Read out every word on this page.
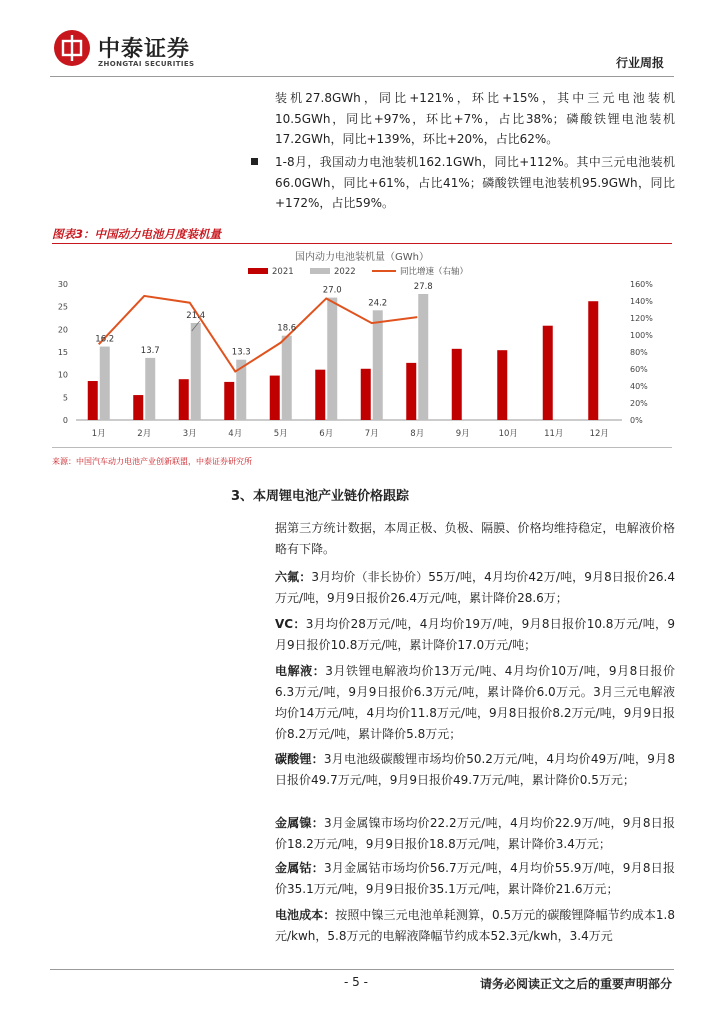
中泰证券
ZHONGTAI SECURITIES	行业周报
装机27.8GWh，同比+121%，环比+15%，其中三元电池装机10.5GWh，同比+97%，环比+7%，占比38%；磷酸铁锂电池装机17.2GWh，同比+139%，环比+20%，占比62%。
1-8月，我国动力电池装机162.1GWh，同比+112%。其中三元电池装机66.0GWh，同比+61%，占比41%；磷酸铁锂电池装机95.9GWh，同比+172%，占比59%。
图表3：中国动力电池月度装机量
国内动力电池装机量（GWh）
2021	2022	同比增速（右轴）
0
5
10
15
20
25
30
0%
20%
40%
60%
80%
100%
120%
140%
160%
1月	2月	3月	4月	5月	6月	7月	8月	9月	10月	11月	12月
16.2
13.7
21.4
13.3
18.6
27.0
24.2
27.8
来源：中国汽车动力电池产业创新联盟，中泰证券研究所
3、本周锂电池产业链价格跟踪
据第三方统计数据，本周正极、负极、隔膜、价格均维持稳定，电解液价格略有下降。
六氟：3月均价（非长协价）55万/吨，4月均价42万/吨，9月8日报价26.4万元/吨，9月9日报价26.4万元/吨，累计降价28.6万；
VC：3月均价28万元/吨，4月均价19万/吨，9月8日报价10.8万元/吨，9月9日报价10.8万元/吨，累计降价17.0万元/吨；
电解液：3月铁锂电解液均价13万元/吨、4月均价10万/吨，9月8日报价6.3万元/吨，9月9日报价6.3万元/吨，累计降价6.0万元。3月三元电解液均价14万元/吨，4月均价11.8万元/吨，9月8日报价8.2万元/吨，9月9日报价8.2万元/吨，累计降价5.8万元；
碳酸锂：3月电池级碳酸锂市场均价50.2万元/吨，4月均价49万/吨，9月8日报价49.7万元/吨，9月9日报价49.7万元/吨，累计降价0.5万元；
金属镍：3月金属镍市场均价22.2万元/吨，4月均价22.9万/吨，9月8日报价18.2万元/吨，9月9日报价18.8万元/吨，累计降价3.4万元；
金属钴：3月金属钴市场均价56.7万元/吨，4月均价55.9万/吨，9月8日报价35.1万元/吨，9月9日报价35.1万元/吨，累计降价21.6万元；
电池成本：按照中镍三元电池单耗测算，0.5万元的碳酸锂降幅节约成本1.8元/kwh，5.8万元的电解液降幅节约成本52.3元/kwh，3.4万元
- 5 -	请务必阅读正文之后的重要声明部分
